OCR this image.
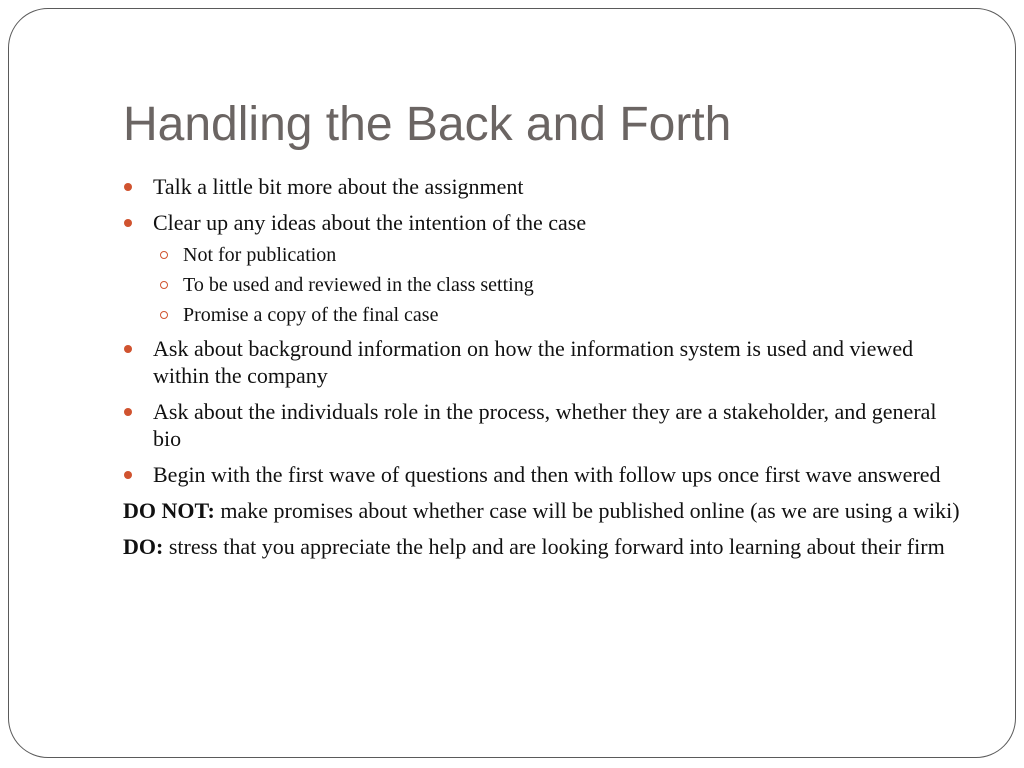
Handling the Back and Forth
Talk a little bit more about the assignment
Clear up any ideas about the intention of the case
Not for publication
To be used and reviewed in the class setting
Promise a copy of the final case
Ask about background information on how the information system is used and viewed within the company
Ask about the individuals role in the process, whether they are a stakeholder, and general bio
Begin with the first wave of questions and then with follow ups once first wave answered
DO NOT: make promises about whether case will be published online (as we are using a wiki)
DO: stress that you appreciate the help and are looking forward into learning about their firm
